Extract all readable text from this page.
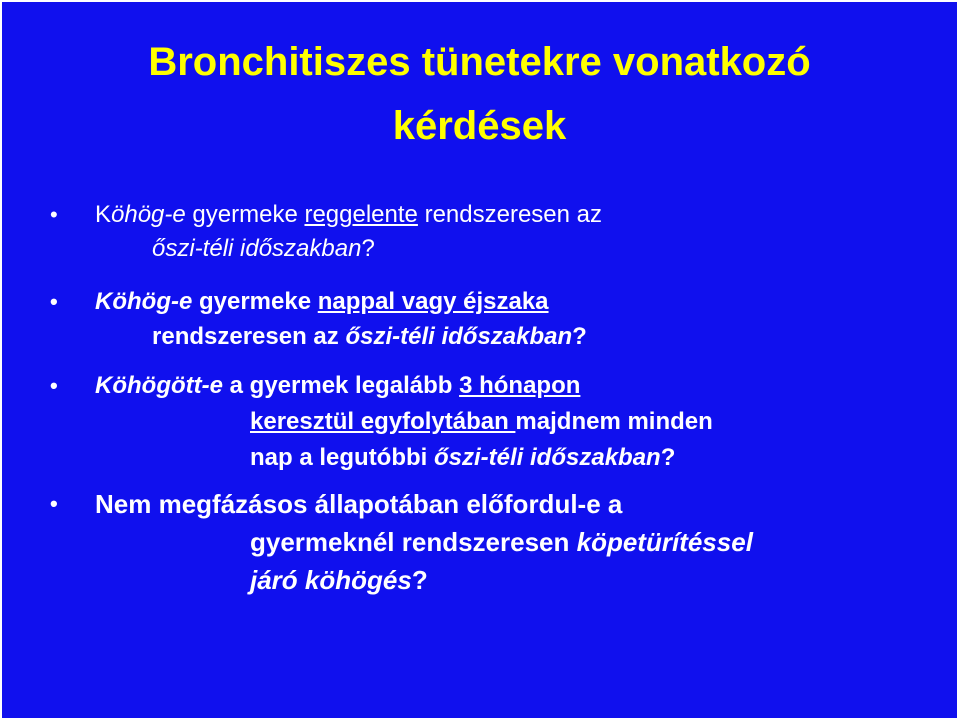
Bronchitiszes tünetekre vonatkozó
kérdések
• Köhög-e gyermeke reggelente rendszeresen az
őszi-téli időszakban?
• Köhög-e gyermeke nappal vagy éjszaka
rendszeresen az őszi-téli időszakban?
• Köhögött-e a gyermek legalább 3 hónapon
keresztül egyfolytában majdnem minden
nap a legutóbbi őszi-téli időszakban?
• Nem megfázásos állapotában előfordul-e a
gyermeknél rendszeresen köpetürítéssel
járó köhögés?
